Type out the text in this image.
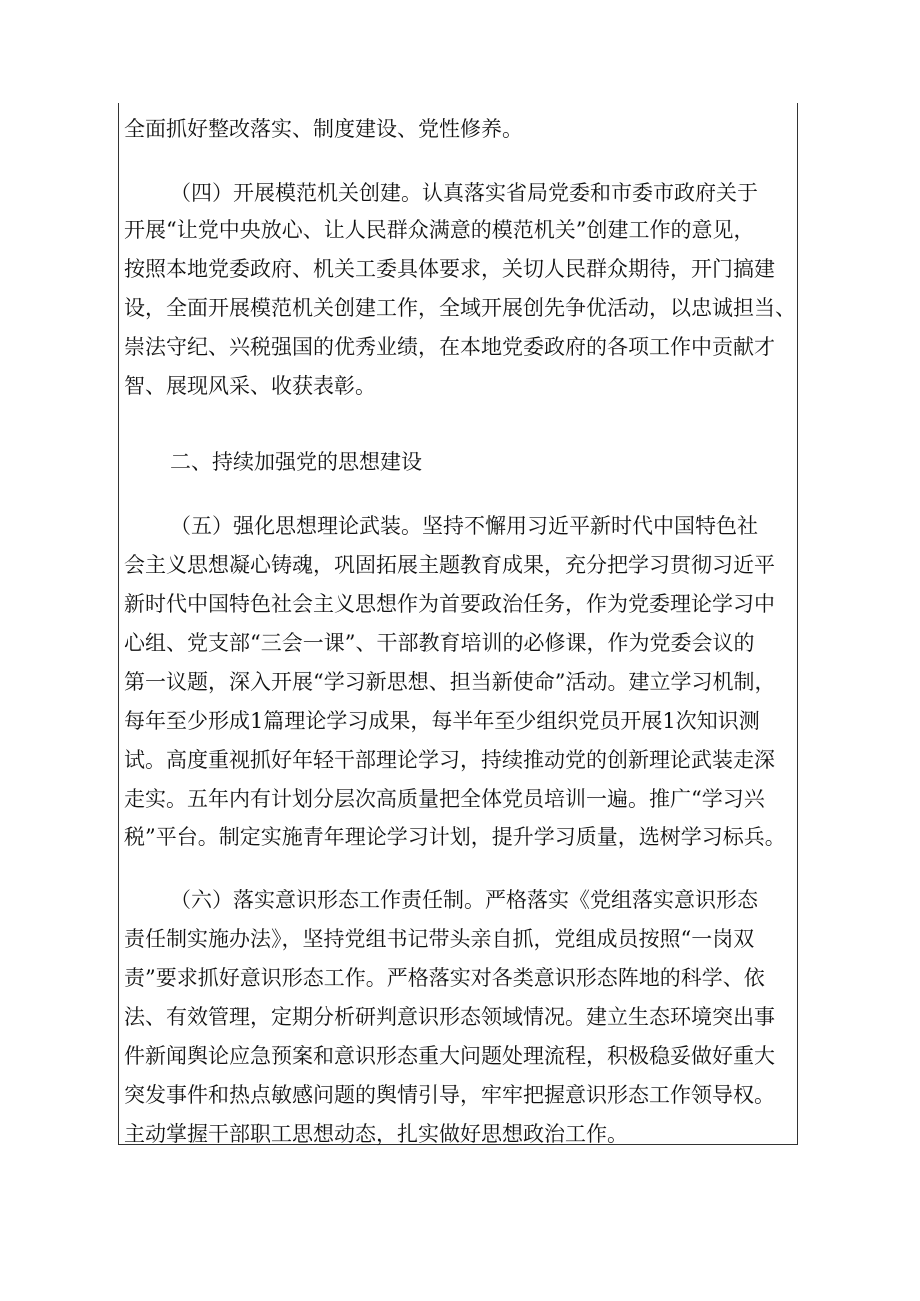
全面抓好整改落实、制度建设、党性修养。
（四）开展模范机关创建。认真落实省局党委和市委市政府关于
开展“让党中央放心、让人民群众满意的模范机关”创建工作的意见，
按照本地党委政府、机关工委具体要求，关切人民群众期待，开门搞建
设，全面开展模范机关创建工作，全域开展创先争优活动，以忠诚担当、
崇法守纪、兴税强国的优秀业绩，在本地党委政府的各项工作中贡献才
智、展现风采、收获表彰。
二、持续加强党的思想建设
（五）强化思想理论武装。坚持不懈用习近平新时代中国特色社
会主义思想凝心铸魂，巩固拓展主题教育成果，充分把学习贯彻习近平
新时代中国特色社会主义思想作为首要政治任务，作为党委理论学习中
心组、党支部“三会一课”、干部教育培训的必修课，作为党委会议的
第一议题，深入开展“学习新思想、担当新使命”活动。建立学习机制，
每年至少形成1篇理论学习成果，每半年至少组织党员开展1次知识测
试。高度重视抓好年轻干部理论学习，持续推动党的创新理论武装走深
走实。五年内有计划分层次高质量把全体党员培训一遍。推广“学习兴
税”平台。制定实施青年理论学习计划，提升学习质量，选树学习标兵。
（六）落实意识形态工作责任制。严格落实《党组落实意识形态
责任制实施办法》，坚持党组书记带头亲自抓，党组成员按照“一岗双
责”要求抓好意识形态工作。严格落实对各类意识形态阵地的科学、依
法、有效管理，定期分析研判意识形态领域情况。建立生态环境突出事
件新闻舆论应急预案和意识形态重大问题处理流程，积极稳妥做好重大
突发事件和热点敏感问题的舆情引导，牢牢把握意识形态工作领导权。
主动掌握干部职工思想动态，扎实做好思想政治工作。
